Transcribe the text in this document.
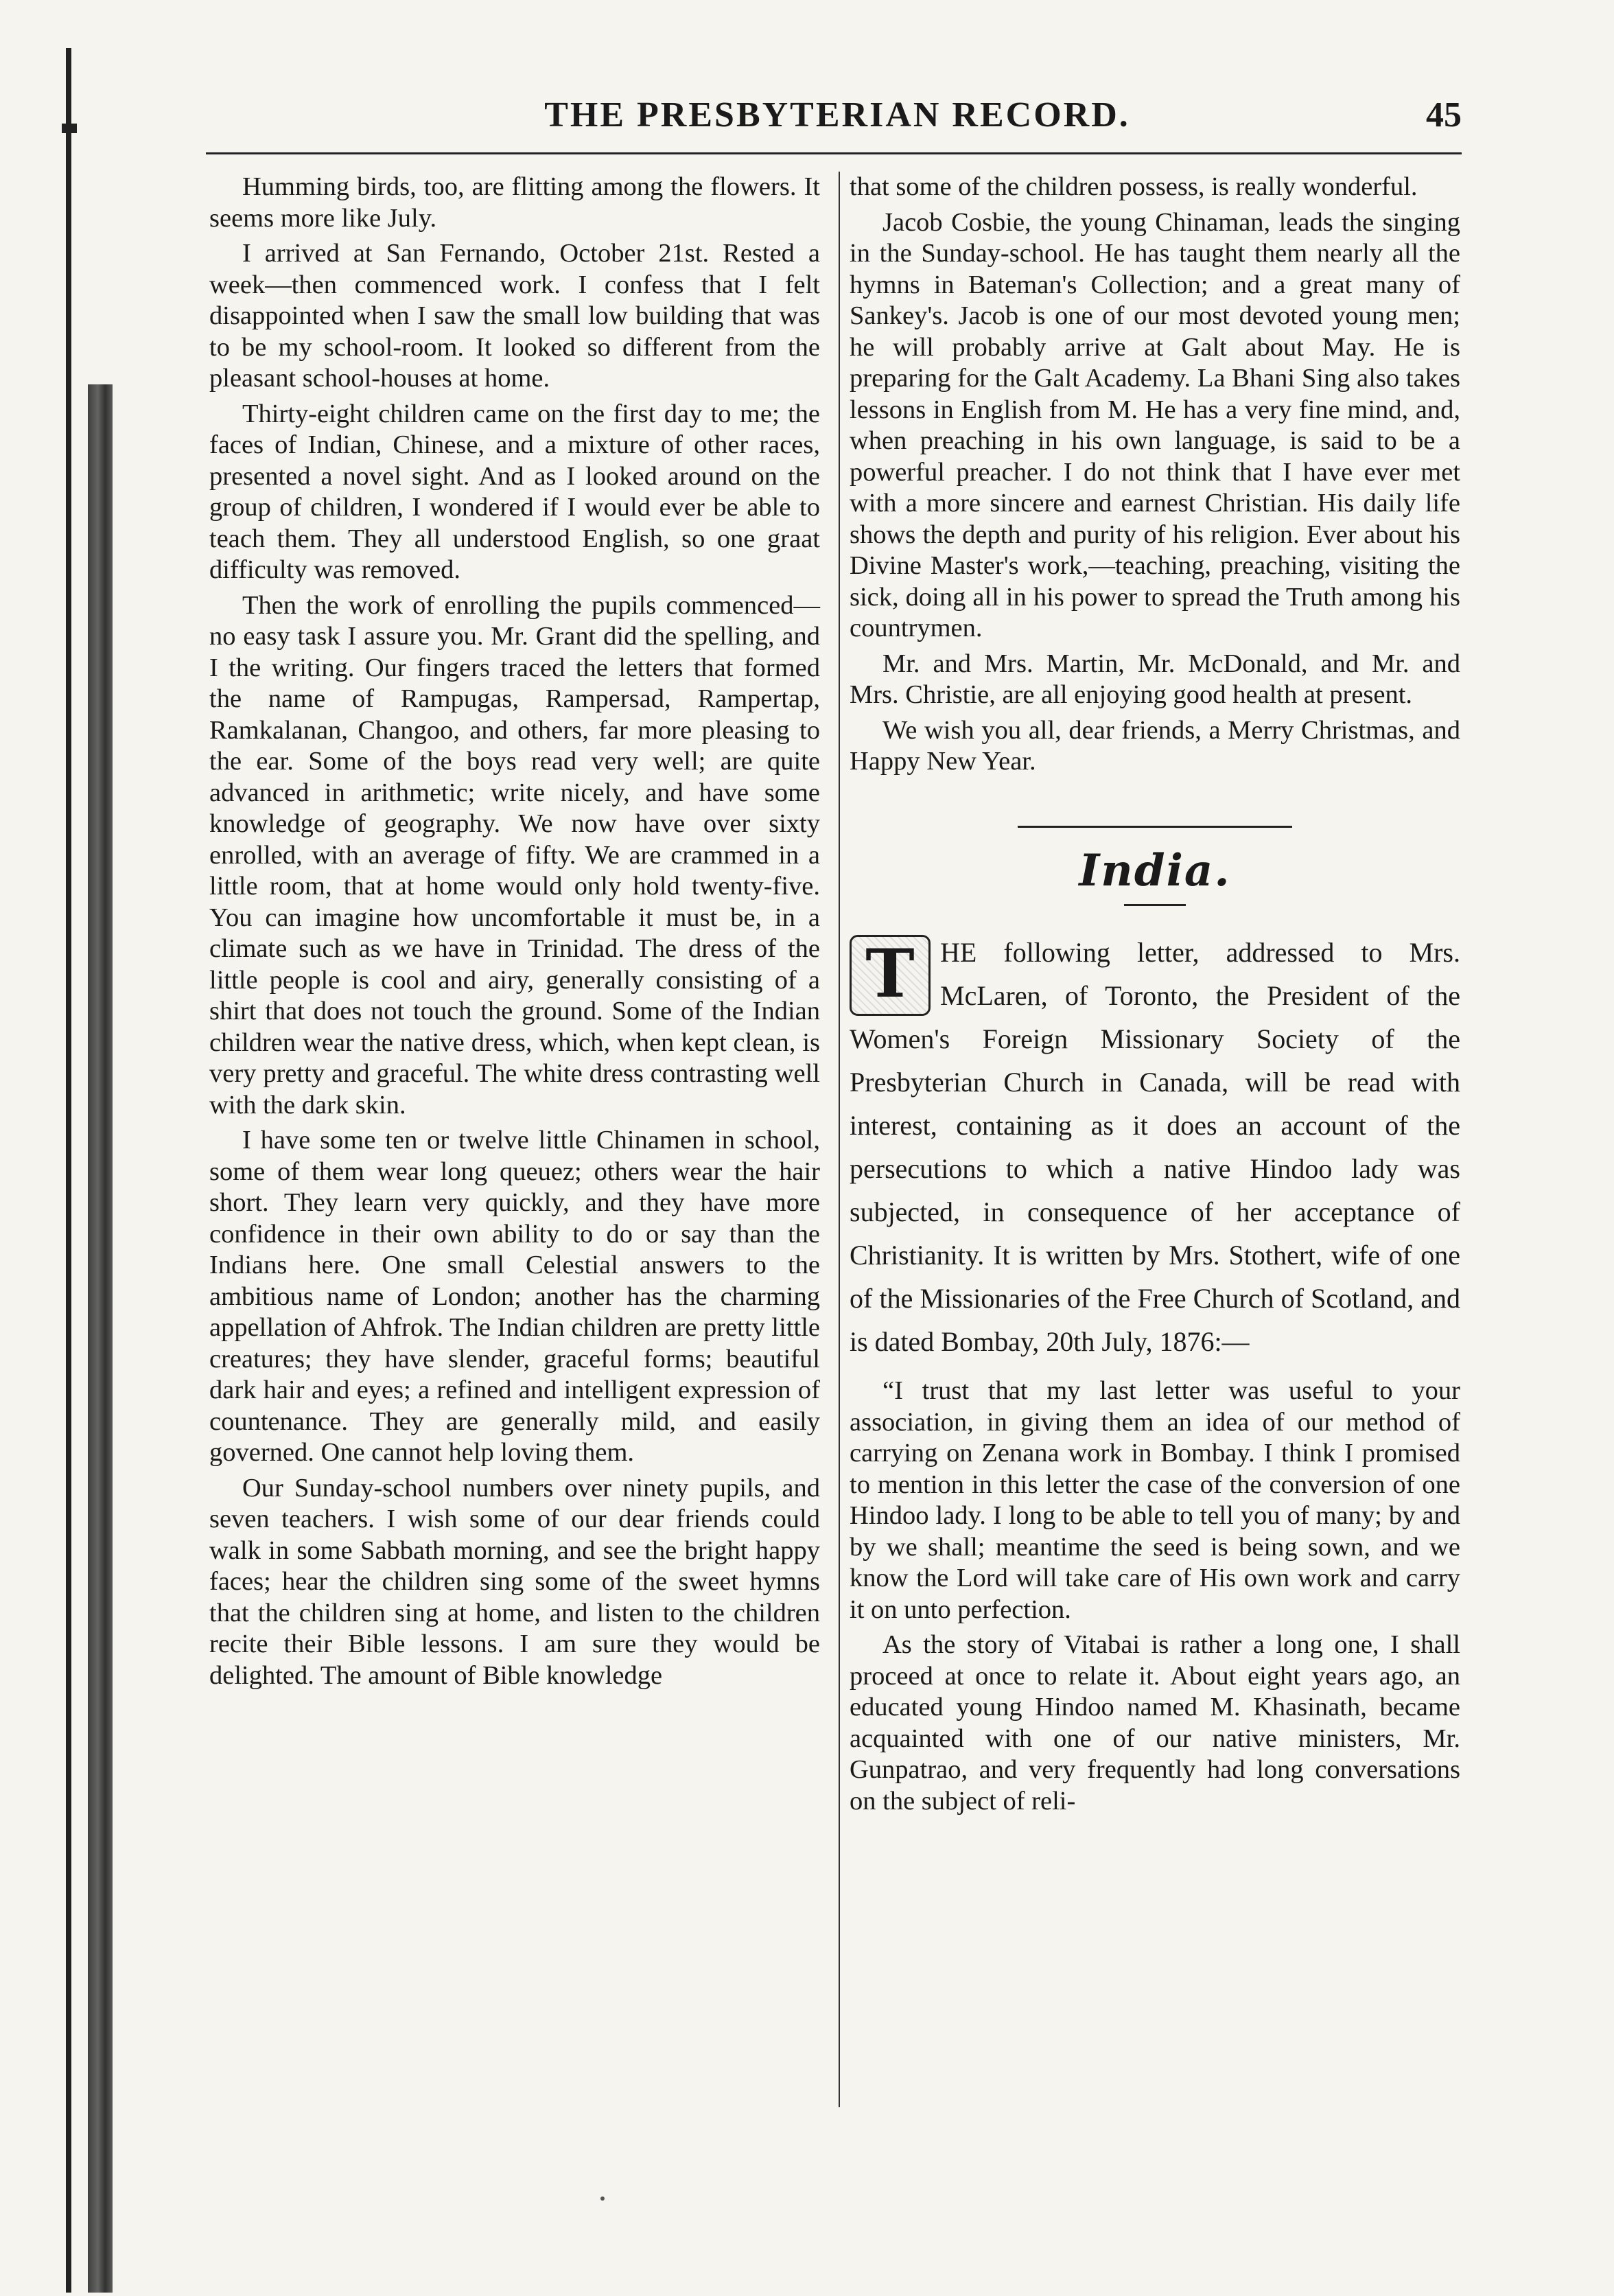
THE PRESBYTERIAN RECORD.	45

Humming birds, too, are flitting among the flowers. It seems more like July.

I arrived at San Fernando, October 21st. Rested a week—then commenced work. I confess that I felt disappointed when I saw the small low building that was to be my school-room. It looked so different from the pleasant school-houses at home.

Thirty-eight children came on the first day to me; the faces of Indian, Chinese, and a mixture of other races, presented a novel sight. And as I looked around on the group of children, I wondered if I would ever be able to teach them. They all understood English, so one graat difficulty was removed.

Then the work of enrolling the pupils commenced—no easy task I assure you. Mr. Grant did the spelling, and I the writing. Our fingers traced the letters that formed the name of Rampugas, Rampersad, Rampertap, Ramkalanan, Changoo, and others, far more pleasing to the ear. Some of the boys read very well; are quite advanced in arithmetic; write nicely, and have some knowledge of geography. We now have over sixty enrolled, with an average of fifty. We are crammed in a little room, that at home would only hold twenty-five. You can imagine how uncomfortable it must be, in a climate such as we have in Trinidad. The dress of the little people is cool and airy, generally consisting of a shirt that does not touch the ground. Some of the Indian children wear the native dress, which, when kept clean, is very pretty and graceful. The white dress contrasting well with the dark skin.

I have some ten or twelve little Chinamen in school, some of them wear long queuez; others wear the hair short. They learn very quickly, and they have more confidence in their own ability to do or say than the Indians here. One small Celestial answers to the ambitious name of London; another has the charming appellation of Ahfrok. The Indian children are pretty little creatures; they have slender, graceful forms; beautiful dark hair and eyes; a refined and intelligent expression of countenance. They are generally mild, and easily governed. One cannot help loving them.

Our Sunday-school numbers over ninety pupils, and seven teachers. I wish some of our dear friends could walk in some Sabbath morning, and see the bright happy faces; hear the children sing some of the sweet hymns that the children sing at home, and listen to the children recite their Bible lessons. I am sure they would be delighted. The amount of Bible knowledge

that some of the children possess, is really wonderful.

Jacob Cosbie, the young Chinaman, leads the singing in the Sunday-school. He has taught them nearly all the hymns in Bateman's Collection; and a great many of Sankey's. Jacob is one of our most devoted young men; he will probably arrive at Galt about May. He is preparing for the Galt Academy. La Bhani Sing also takes lessons in English from M. He has a very fine mind, and, when preaching in his own language, is said to be a powerful preacher. I do not think that I have ever met with a more sincere and earnest Christian. His daily life shows the depth and purity of his religion. Ever about his Divine Master's work,—teaching, preaching, visiting the sick, doing all in his power to spread the Truth among his countrymen.

Mr. and Mrs. Martin, Mr. McDonald, and Mr. and Mrs. Christie, are all enjoying good health at present.

We wish you all, dear friends, a Merry Christmas, and Happy New Year.

India.

T HE following letter, addressed to Mrs. McLaren, of Toronto, the President of the Women's Foreign Missionary Society of the Presbyterian Church in Canada, will be read with interest, containing as it does an account of the persecutions to which a native Hindoo lady was subjected, in consequence of her acceptance of Christianity. It is written by Mrs. Stothert, wife of one of the Missionaries of the Free Church of Scotland, and is dated Bombay, 20th July, 1876:—

“I trust that my last letter was useful to your association, in giving them an idea of our method of carrying on Zenana work in Bombay. I think I promised to mention in this letter the case of the conversion of one Hindoo lady. I long to be able to tell you of many; by and by we shall; meantime the seed is being sown, and we know the Lord will take care of His own work and carry it on unto perfection.

As the story of Vitabai is rather a long one, I shall proceed at once to relate it. About eight years ago, an educated young Hindoo named M. Khasinath, became acquainted with one of our native ministers, Mr. Gunpatrao, and very frequently had long conversations on the subject of reli-
